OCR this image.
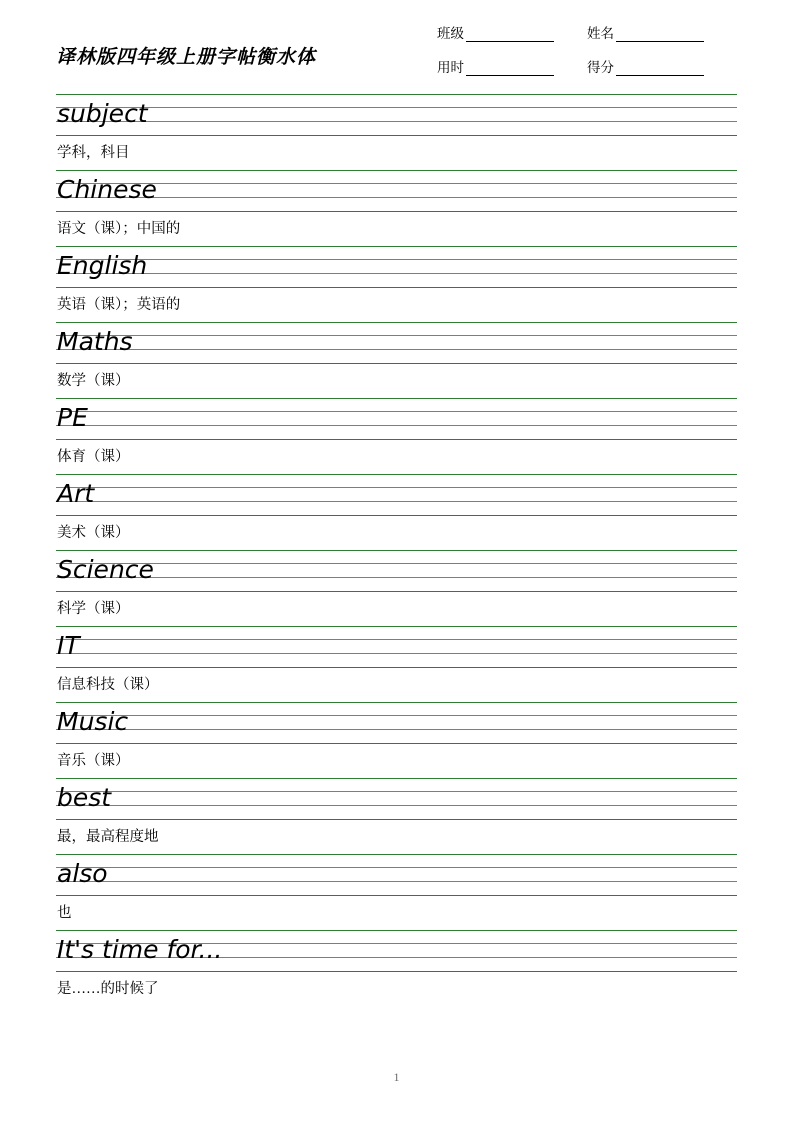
译林版四年级上册字帖衡水体
班级	姓名
用时	得分
subject
学科，科目
Chinese
语文（课）；中国的
English
英语（课）；英语的
Maths
数学（课）
PE
体育（课）
Art
美术（课）
Science
科学（课）
IT
信息科技（课）
Music
音乐（课）
best
最，最高程度地
also
也
It's time for...
是……的时候了
1
